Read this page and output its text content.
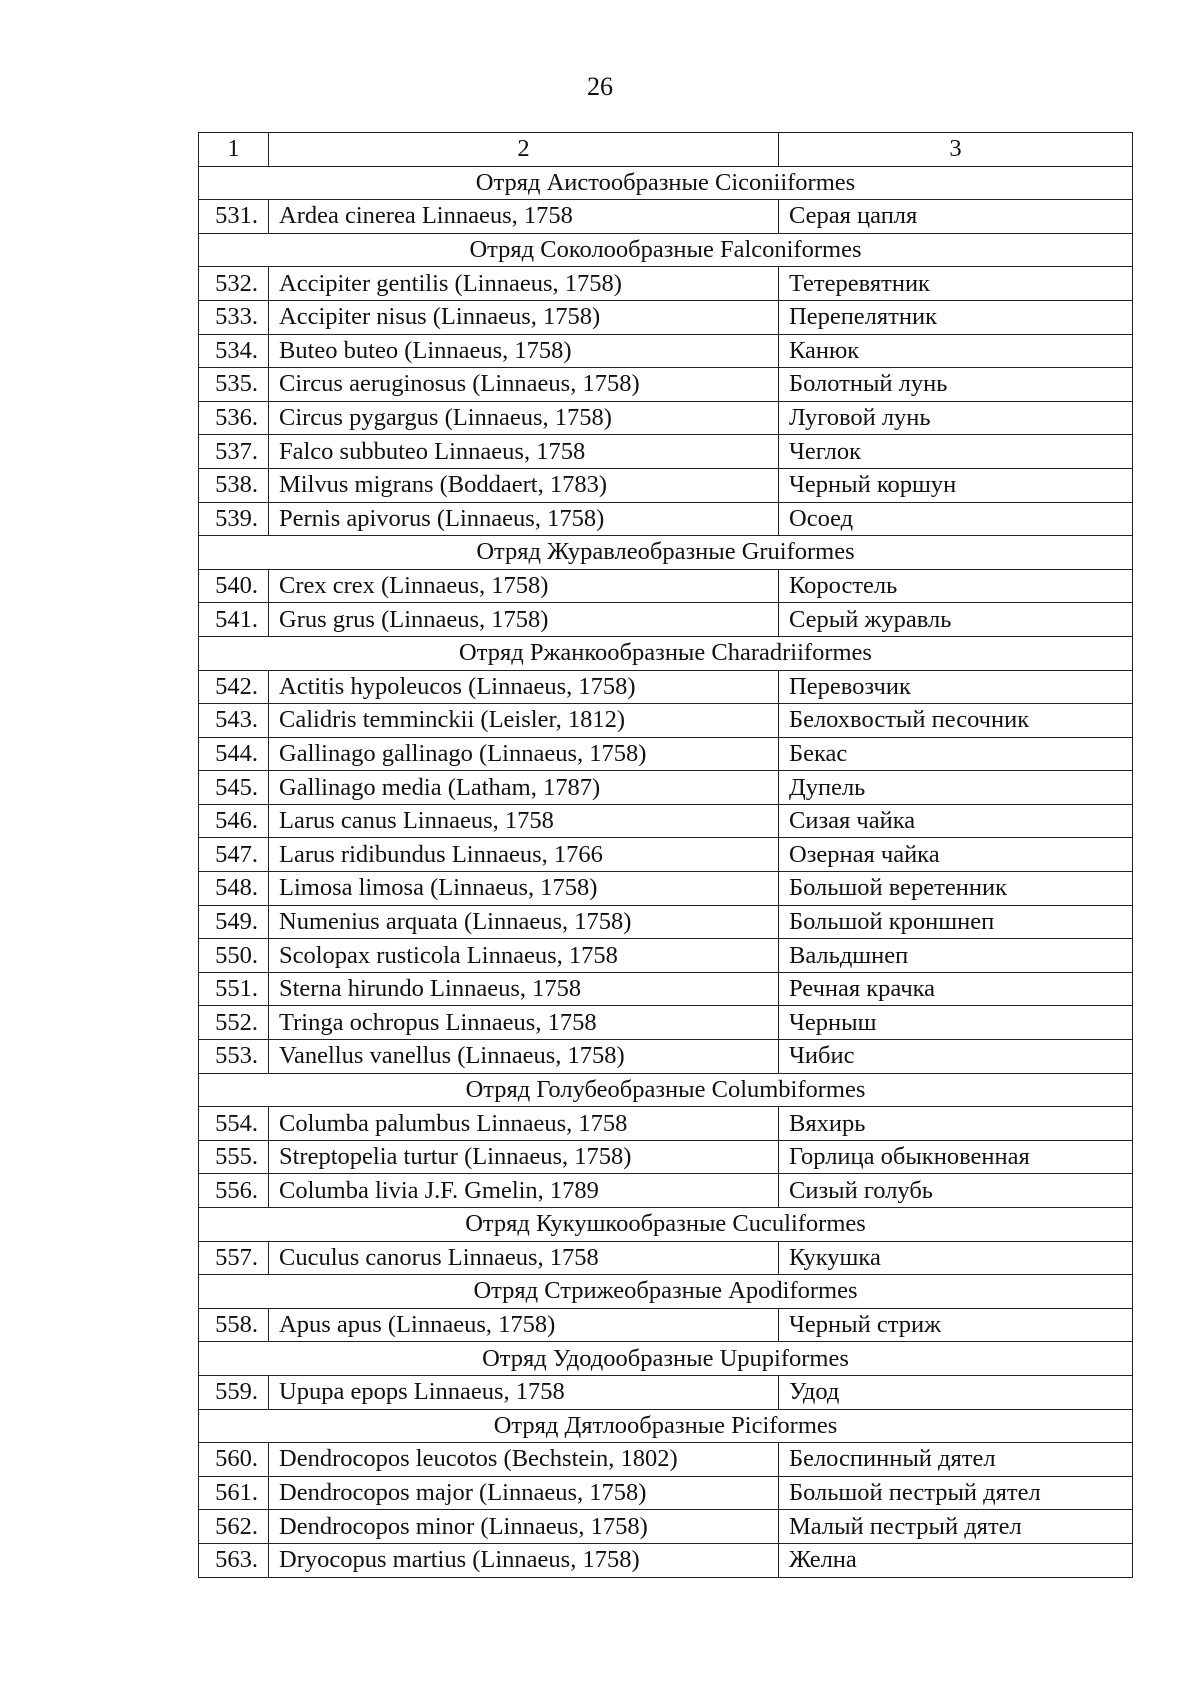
26
1	2	3
Отряд Аистообразные Ciconiiformes		
531.	Ardea cinerea Linnaeus, 1758	Серая цапля
Отряд Соколообразные Falconiformes		
532.	Accipiter gentilis (Linnaeus, 1758)	Тетеревятник
533.	Accipiter nisus (Linnaeus, 1758)	Перепелятник
534.	Buteo buteo (Linnaeus, 1758)	Канюк
535.	Circus aeruginosus (Linnaeus, 1758)	Болотный лунь
536.	Circus pygargus (Linnaeus, 1758)	Луговой лунь
537.	Falco subbuteo Linnaeus, 1758	Чеглок
538.	Milvus migrans (Boddaert, 1783)	Черный коршун
539.	Pernis apivorus (Linnaeus, 1758)	Осоед
Отряд Журавлеобразные Gruiformes		
540.	Crex crex (Linnaeus, 1758)	Коростель
541.	Grus grus (Linnaeus, 1758)	Серый журавль
Отряд Ржанкообразные Charadriiformes		
542.	Actitis hypoleucos (Linnaeus, 1758)	Перевозчик
543.	Calidris temminckii (Leisler, 1812)	Белохвостый песочник
544.	Gallinago gallinago (Linnaeus, 1758)	Бекас
545.	Gallinago media (Latham, 1787)	Дупель
546.	Larus canus Linnaeus, 1758	Сизая чайка
547.	Larus ridibundus Linnaeus, 1766	Озерная чайка
548.	Limosa limosa (Linnaeus, 1758)	Большой веретенник
549.	Numenius arquata (Linnaeus, 1758)	Большой кроншнеп
550.	Scolopax rusticola Linnaeus, 1758	Вальдшнеп
551.	Sterna hirundo Linnaeus, 1758	Речная крачка
552.	Tringa ochropus Linnaeus, 1758	Черныш
553.	Vanellus vanellus (Linnaeus, 1758)	Чибис
Отряд Голубеобразные Columbiformes		
554.	Columba palumbus Linnaeus, 1758	Вяхирь
555.	Streptopelia turtur (Linnaeus, 1758)	Горлица обыкновенная
556.	Columba livia J.F. Gmelin, 1789	Сизый голубь
Отряд Кукушкообразные Cuculiformes		
557.	Cuculus canorus Linnaeus, 1758	Кукушка
Отряд Стрижеобразные Apodiformes		
558.	Apus apus (Linnaeus, 1758)	Черный стриж
Отряд Удодообразные Upupiformes		
559.	Upupa epops Linnaeus, 1758	Удод
Отряд Дятлообразные Piciformes		
560.	Dendrocopos leucotos (Bechstein, 1802)	Белоспинный дятел
561.	Dendrocopos major (Linnaeus, 1758)	Большой пестрый дятел
562.	Dendrocopos minor (Linnaeus, 1758)	Малый пестрый дятел
563.	Dryocopus martius (Linnaeus, 1758)	Желна
